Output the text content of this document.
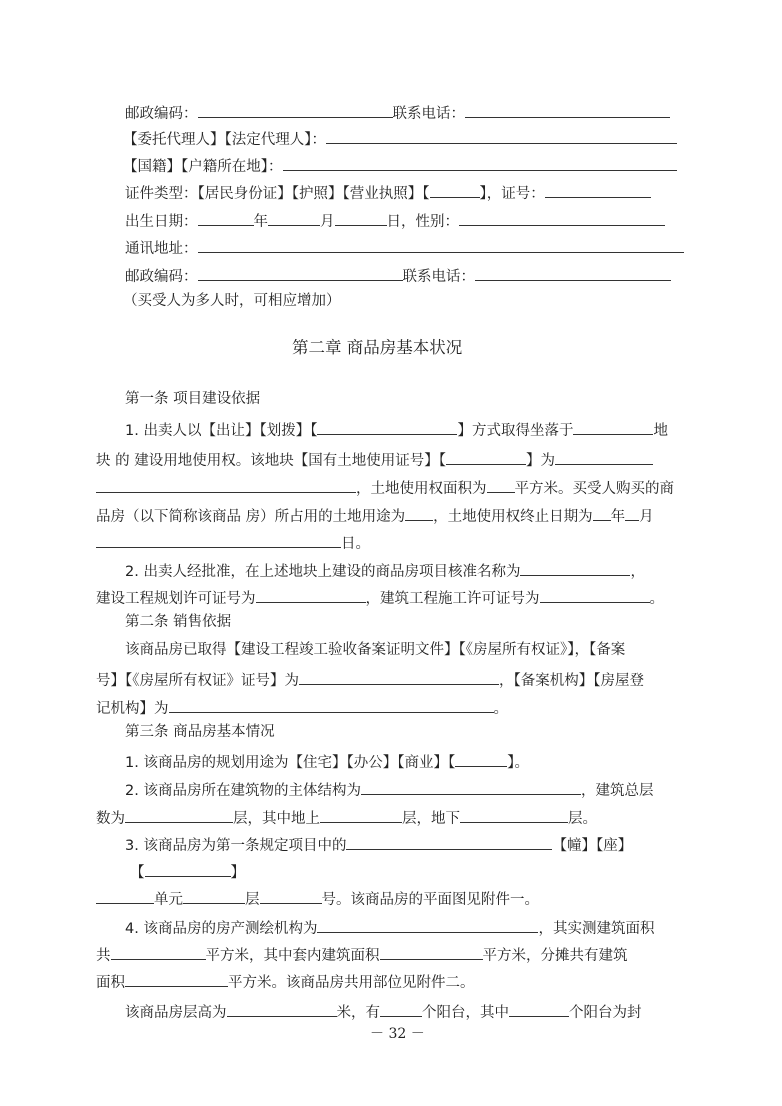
邮政编码：	联系电话：
【委托代理人】【法定代理人】：
【国籍】【户籍所在地】：
证件类型：【居民身份证】【护照】【营业执照】【	】，证号：
出生日期：	年	月	日，性别：
通讯地址：
邮政编码：	联系电话：
（买受人为多人时，可相应增加）
第二章 商品房基本状况
第一条 项目建设依据
1. 出卖人以【出让】【划拨】【	】方式取得坐落于	地
块 的 建设用地使用权。该地块【国有土地使用证号】【	】为
，土地使用权面积为 平方米。买受人购买的商
品房（以下简称该商品 房）所占用的土地用途为 ，土地使用权终止日期为 年 月
日。
2. 出卖人经批准，在上述地块上建设的商品房项目核准名称为	，
建设工程规划许可证号为	，建筑工程施工许可证号为	。
第二条 销售依据
该商品房已取得【建设工程竣工验收备案证明文件】【《房屋所有权证》】，【备案
号】【《房屋所有权证》证号】为	，【备案机构】【房屋登
记机构】为	。
第三条 商品房基本情况
1. 该商品房的规划用途为【住宅】【办公】【商业】【	】。
2. 该商品房所在建筑物的主体结构为	，建筑总层
数为	层，其中地上	层，地下	层。
3. 该商品房为第一条规定项目中的	【幢】【座】
【	】
单元	层	号。该商品房的平面图见附件一。
4. 该商品房的房产测绘机构为	，其实测建筑面积
共	平方米，其中套内建筑面积	平方米，分摊共有建筑
面积	平方米。该商品房共用部位见附件二。
该商品房层高为	米，有	个阳台，其中	个阳台为封
－ 32 －
